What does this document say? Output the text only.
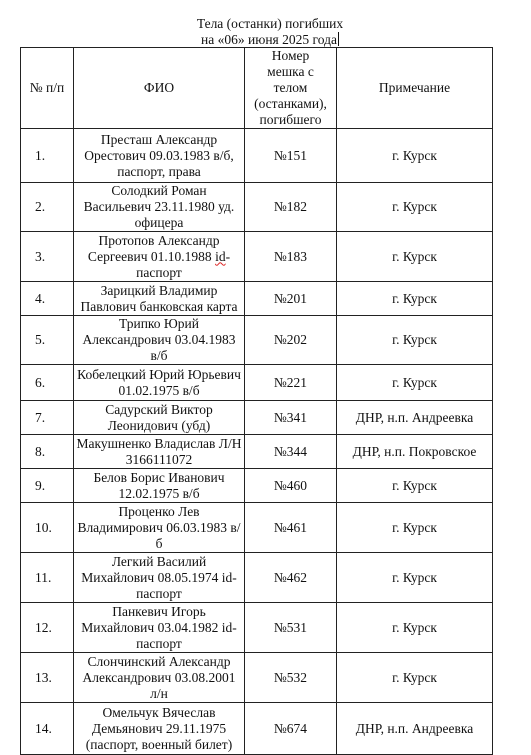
Тела (останки) погибших
на «06» июня 2025 года
№ п/п	ФИО	Номер мешка с телом (останками), погибшего	Примечание
1.	Престаш Александр Орестович 09.03.1983 в/б, паспорт, права	№151	г. Курск
2.	Солодкий Роман Васильевич 23.11.1980 уд. офицера	№182	г. Курск
3.	Протопов Александр Сергеевич 01.10.1988 id-паспорт	№183	г. Курск
4.	Зарицкий Владимир Павлович банковская карта	№201	г. Курск
5.	Трипко Юрий Александрович 03.04.1983 в/б	№202	г. Курск
6.	Кобелецкий Юрий Юрьевич 01.02.1975 в/б	№221	г. Курск
7.	Садурский Виктор Леонидович (убд)	№341	ДНР, н.п. Андреевка
8.	Макушненко Владислав Л/Н 3166111072	№344	ДНР, н.п. Покровское
9.	Белов Борис Иванович 12.02.1975 в/б	№460	г. Курск
10.	Проценко Лев Владимирович 06.03.1983 в/б	№461	г. Курск
11.	Легкий Василий Михайлович 08.05.1974 id-паспорт	№462	г. Курск
12.	Панкевич Игорь Михайлович 03.04.1982 id-паспорт	№531	г. Курск
13.	Слончинский Александр Александрович 03.08.2001 л/н	№532	г. Курск
14.	Омельчук Вячеслав Демьянович 29.11.1975 (паспорт, военный билет)	№674	ДНР, н.п. Андреевка
